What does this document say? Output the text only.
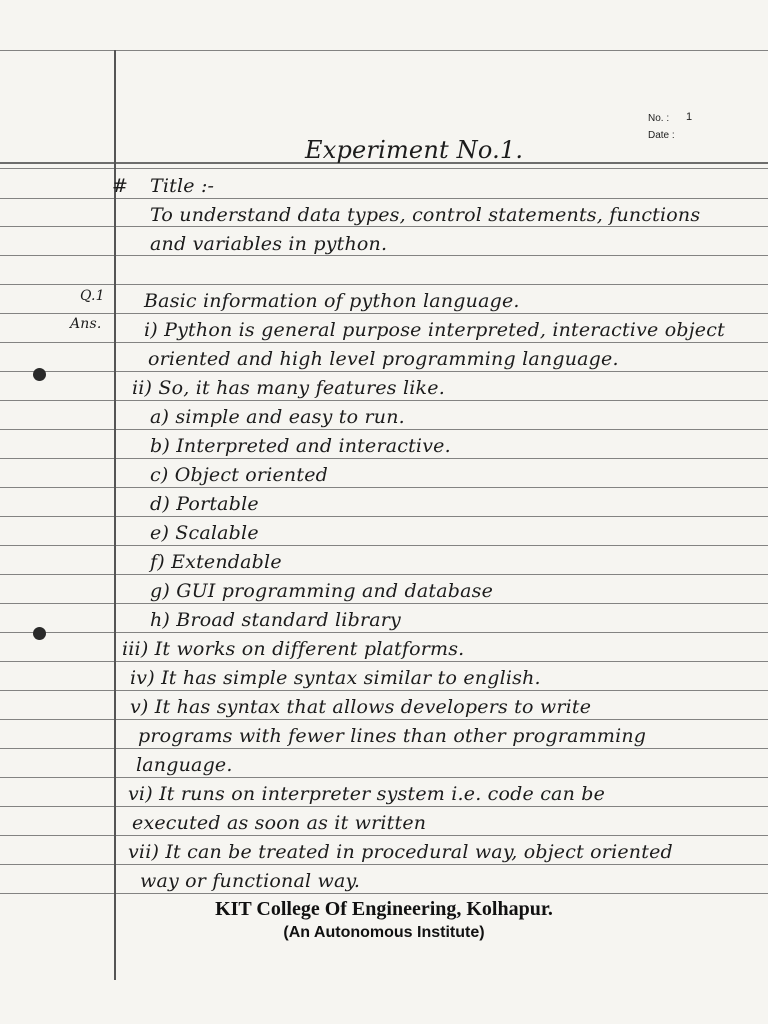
No. : 1
Date :
Experiment No.1.
# Title :-
To understand data types, control statements, functions
and variables in python.
Q.1 Basic information of python language.
Ans. i) Python is general purpose interpreted, interactive object
oriented and high level programming language.
ii) So, it has many features like.
a) simple and easy to run.
b) Interpreted and interactive.
c) Object oriented
d) Portable
e) Scalable
f) Extendable
g) GUI programming and database
h) Broad standard library
iii) It works on different platforms.
iv) It has simple syntax similar to english.
v) It has syntax that allows developers to write
programs with fewer lines than other programming
language.
vi) It runs on interpreter system i.e. code can be
executed as soon as it written
vii) It can be treated in procedural way, object oriented
way or functional way.
KIT College Of Engineering, Kolhapur.
(An Autonomous Institute)
